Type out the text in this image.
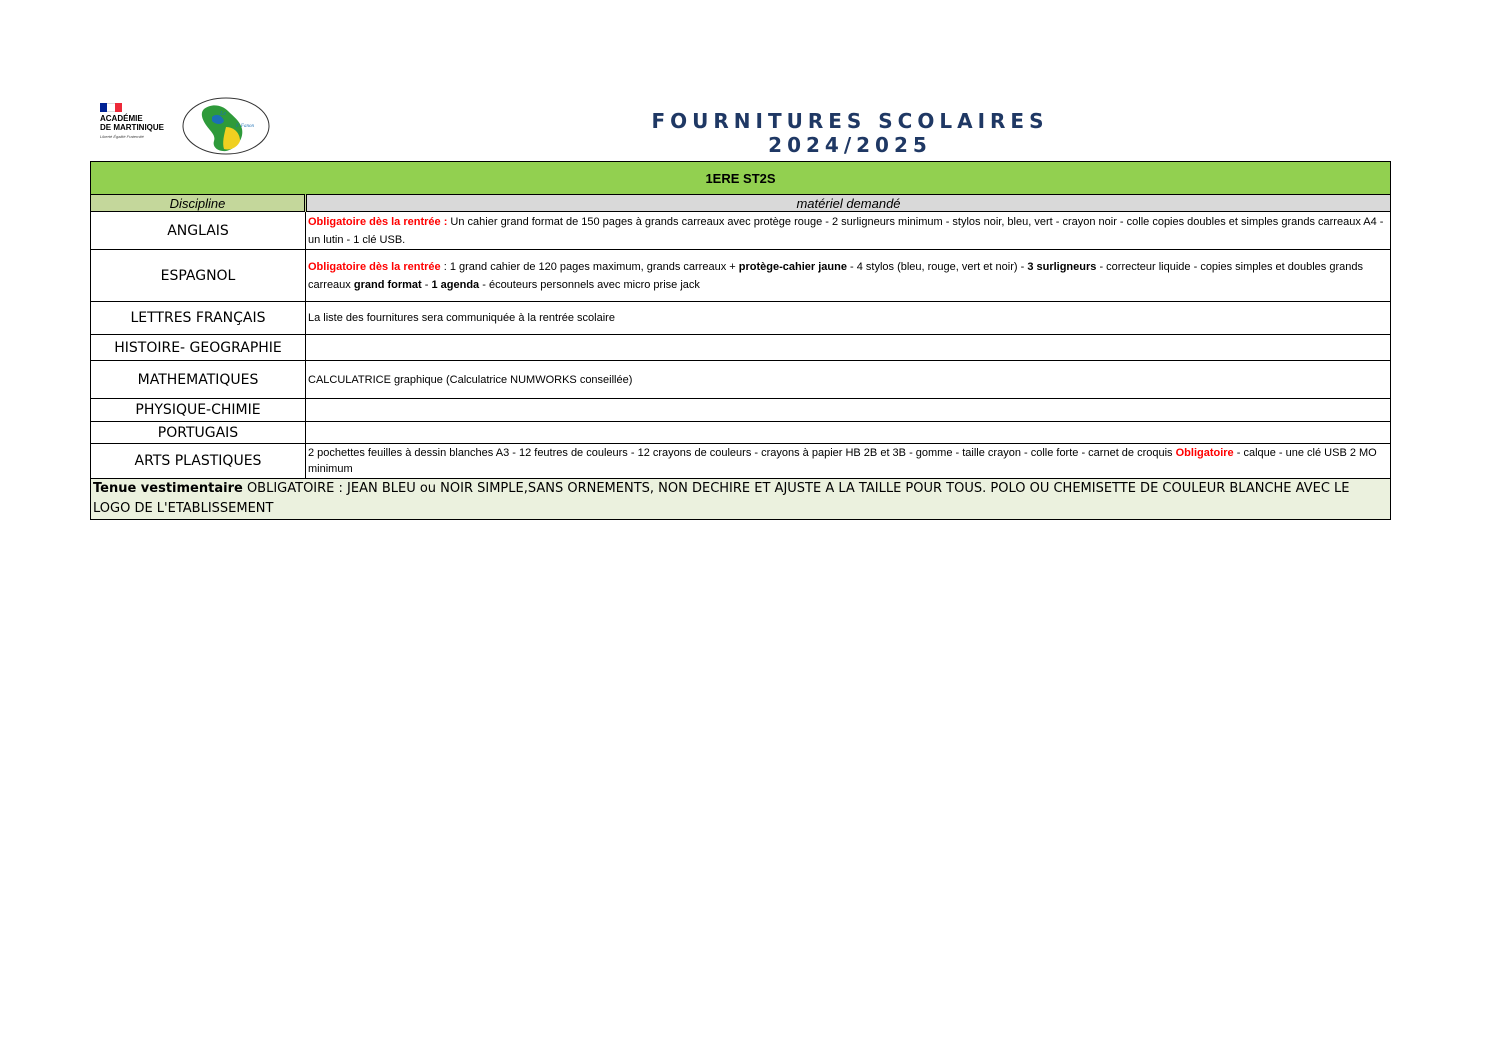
ACADÉMIE
DE MARTINIQUE
Liberté Égalité Fraternité
Le
F. Fanon	FOURNITURES SCOLAIRES 2024/2025
1ERE ST2S	
Discipline	matériel demandé
ANGLAIS	Obligatoire dès la rentrée : Un cahier grand format de 150 pages à grands carreaux avec protège rouge - 2 surligneurs minimum - stylos noir, bleu, vert - crayon noir - colle copies doubles et simples grands carreaux A4 - un lutin - 1 clé USB.
ESPAGNOL	Obligatoire dès la rentrée : 1 grand cahier de 120 pages maximum, grands carreaux + protège-cahier jaune - 4 stylos (bleu, rouge, vert et noir) - 3 surligneurs - correcteur liquide - copies simples et doubles grands carreaux grand format - 1 agenda - écouteurs personnels avec micro prise jack
LETTRES FRANÇAIS	La liste des fournitures sera communiquée à la rentrée scolaire
HISTOIRE- GEOGRAPHIE	
MATHEMATIQUES	CALCULATRICE graphique (Calculatrice NUMWORKS conseillée)
PHYSIQUE-CHIMIE	
PORTUGAIS	
ARTS PLASTIQUES	2 pochettes feuilles à dessin blanches A3 - 12 feutres de couleurs - 12 crayons de couleurs - crayons à papier HB 2B et 3B - gomme - taille crayon - colle forte - carnet de croquis Obligatoire - calque - une clé USB 2 MO minimum
Tenue vestimentaire OBLIGATOIRE : JEAN BLEU ou NOIR SIMPLE,SANS ORNEMENTS, NON DECHIRE ET AJUSTE A LA TAILLE POUR TOUS. POLO OU CHEMISETTE DE COULEUR BLANCHE AVEC LE LOGO DE L'ETABLISSEMENT	
